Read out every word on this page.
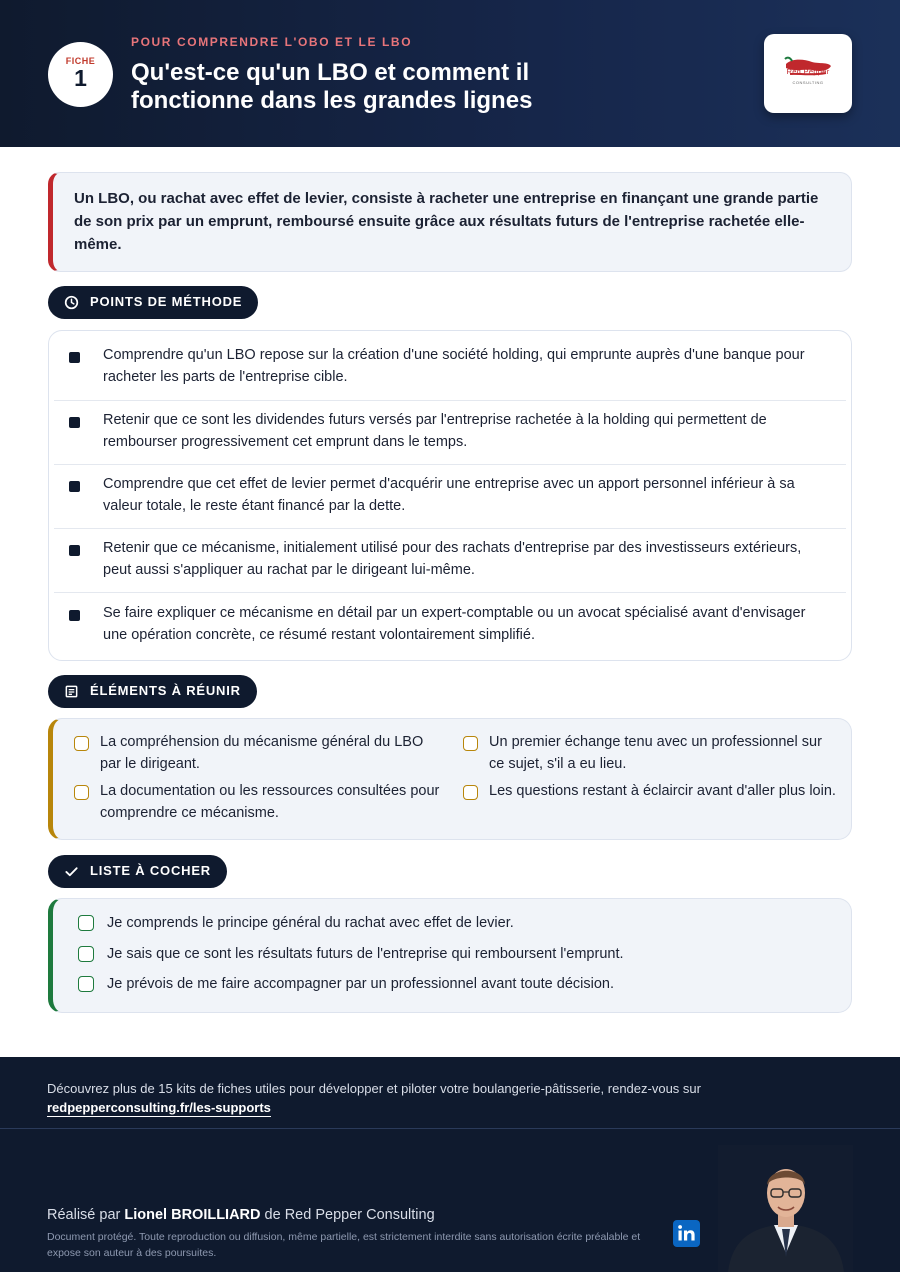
FICHE
1
POUR COMPRENDRE L'OBO ET LE LBO
Qu'est-ce qu'un LBO et comment il fonctionne dans les grandes lignes
Red Pepper
CONSULTING

Un LBO, ou rachat avec effet de levier, consiste à racheter une entreprise en finançant une grande partie de son prix par un emprunt, remboursé ensuite grâce aux résultats futurs de l'entreprise rachetée elle-même.

POINTS DE MÉTHODE
Comprendre qu'un LBO repose sur la création d'une société holding, qui emprunte auprès d'une banque pour racheter les parts de l'entreprise cible.
Retenir que ce sont les dividendes futurs versés par l'entreprise rachetée à la holding qui permettent de rembourser progressivement cet emprunt dans le temps.
Comprendre que cet effet de levier permet d'acquérir une entreprise avec un apport personnel inférieur à sa valeur totale, le reste étant financé par la dette.
Retenir que ce mécanisme, initialement utilisé pour des rachats d'entreprise par des investisseurs extérieurs, peut aussi s'appliquer au rachat par le dirigeant lui-même.
Se faire expliquer ce mécanisme en détail par un expert-comptable ou un avocat spécialisé avant d'envisager une opération concrète, ce résumé restant volontairement simplifié.
ÉLÉMENTS À RÉUNIR
La compréhension du mécanisme général du LBO par le dirigeant.
Un premier échange tenu avec un professionnel sur ce sujet, s'il a eu lieu.
La documentation ou les ressources consultées pour comprendre ce mécanisme.
Les questions restant à éclaircir avant d'aller plus loin.
LISTE À COCHER
Je comprends le principe général du rachat avec effet de levier.
Je sais que ce sont les résultats futurs de l'entreprise qui remboursent l'emprunt.
Je prévois de me faire accompagner par un professionnel avant toute décision.
Découvrez plus de 15 kits de fiches utiles pour développer et piloter votre boulangerie-pâtisserie, rendez-vous sur
redpepperconsulting.fr/les-supports
Réalisé par Lionel BROILLIARD de Red Pepper Consulting
Document protégé. Toute reproduction ou diffusion, même partielle, est strictement interdite sans autorisation écrite préalable et expose son auteur à des poursuites.
